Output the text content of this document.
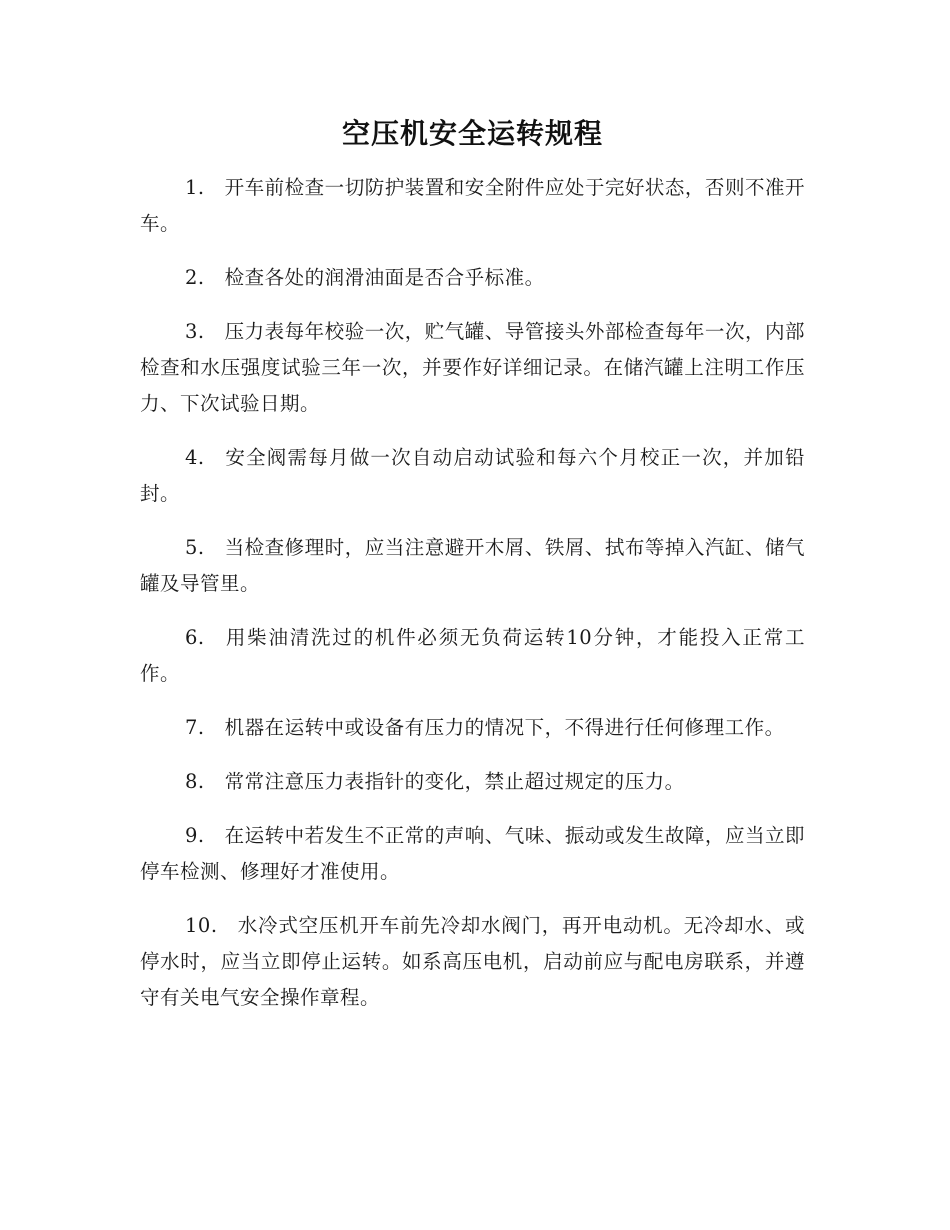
空压机安全运转规程

1. 开车前检查一切防护装置和安全附件应处于完好状态，否则不准开车。

2. 检查各处的润滑油面是否合乎标准。

3. 压力表每年校验一次，贮气罐、导管接头外部检查每年一次，内部检查和水压强度试验三年一次，并要作好详细记录。在储汽罐上注明工作压力、下次试验日期。

4. 安全阀需每月做一次自动启动试验和每六个月校正一次，并加铅封。

5. 当检查修理时，应当注意避开木屑、铁屑、拭布等掉入汽缸、储气罐及导管里。

6. 用柴油清洗过的机件必须无负荷运转10分钟，才能投入正常工作。

7. 机器在运转中或设备有压力的情况下，不得进行任何修理工作。

8. 常常注意压力表指针的变化，禁止超过规定的压力。

9. 在运转中若发生不正常的声响、气味、振动或发生故障，应当立即停车检测、修理好才准使用。

10. 水冷式空压机开车前先冷却水阀门，再开电动机。无冷却水、或停水时，应当立即停止运转。如系高压电机，启动前应与配电房联系，并遵守有关电气安全操作章程。
